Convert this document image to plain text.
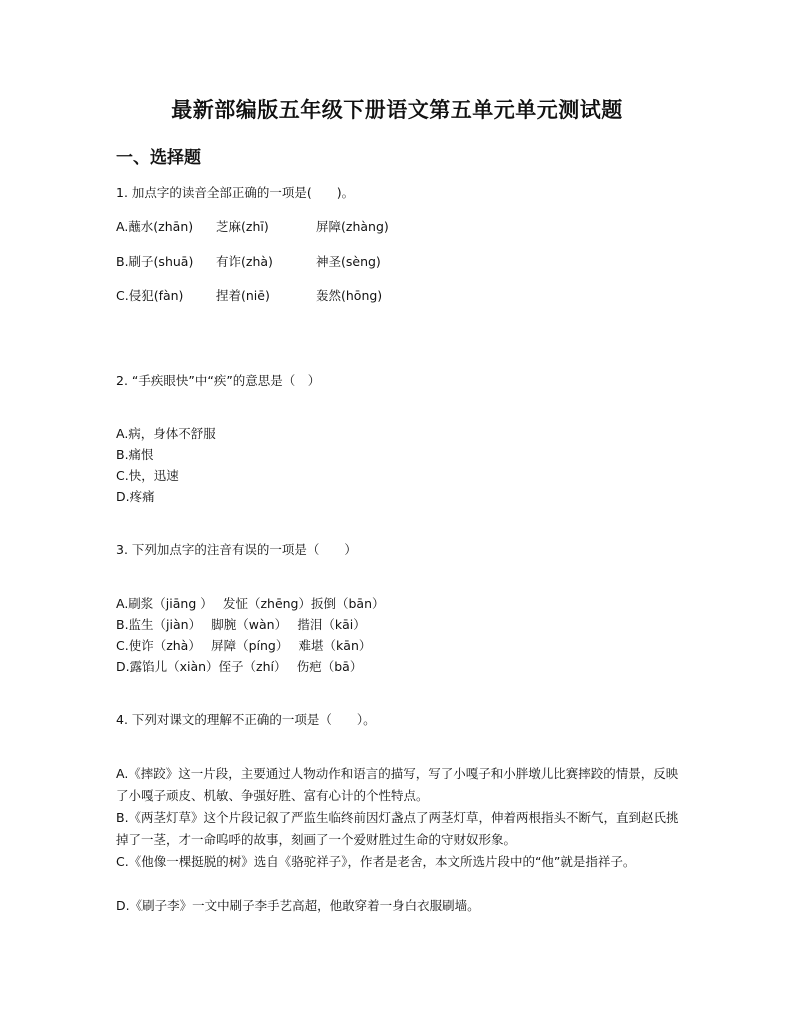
最新部编版五年级下册语文第五单元单元测试题
一、选择题
1. 加点字的读音全部正确的一项是(　　)。
A.蘸水(zhān) 芝麻(zhī)	屏障(zhàng)
B.刷子(shuā) 有诈(zhà)	神圣(sèng)
C.侵犯(fàn)	捏着(niē)	轰然(hōng)
2. “手疾眼快”中“疾”的意思是（　）
A.病，身体不舒服
B.痛恨
C.快，迅速
D.疼痛
3. 下列加点字的注音有误的一项是（　　）
A.刷浆（jiāng ）　 发怔（zhēng）扳倒（bān）
B.监生（jiàn）　 脚腕（wàn）　 揩泪（kāi）
C.使诈（zhà）　 屏障（píng）　 难堪（kān）
D.露馅儿（xiàn）侄子（zhí）　 伤疤（bā）
4. 下列对课文的理解不正确的一项是（　　）。
A.《摔跤》这一片段，主要通过人物动作和语言的描写，写了小嘎子和小胖墩儿比赛摔跤的情景，反映了小嘎子顽皮、机敏、争强好胜、富有心计的个性特点。
B.《两茎灯草》这个片段记叙了严监生临终前因灯盏点了两茎灯草，伸着两根指头不断气，直到赵氏挑掉了一茎，才一命呜呼的故事，刻画了一个爱财胜过生命的守财奴形象。
C.《他像一棵挺脱的树》选自《骆驼祥子》，作者是老舍，本文所选片段中的“他”就是指祥子。
D.《刷子李》一文中刷子李手艺高超，他敢穿着一身白衣服刷墙。
